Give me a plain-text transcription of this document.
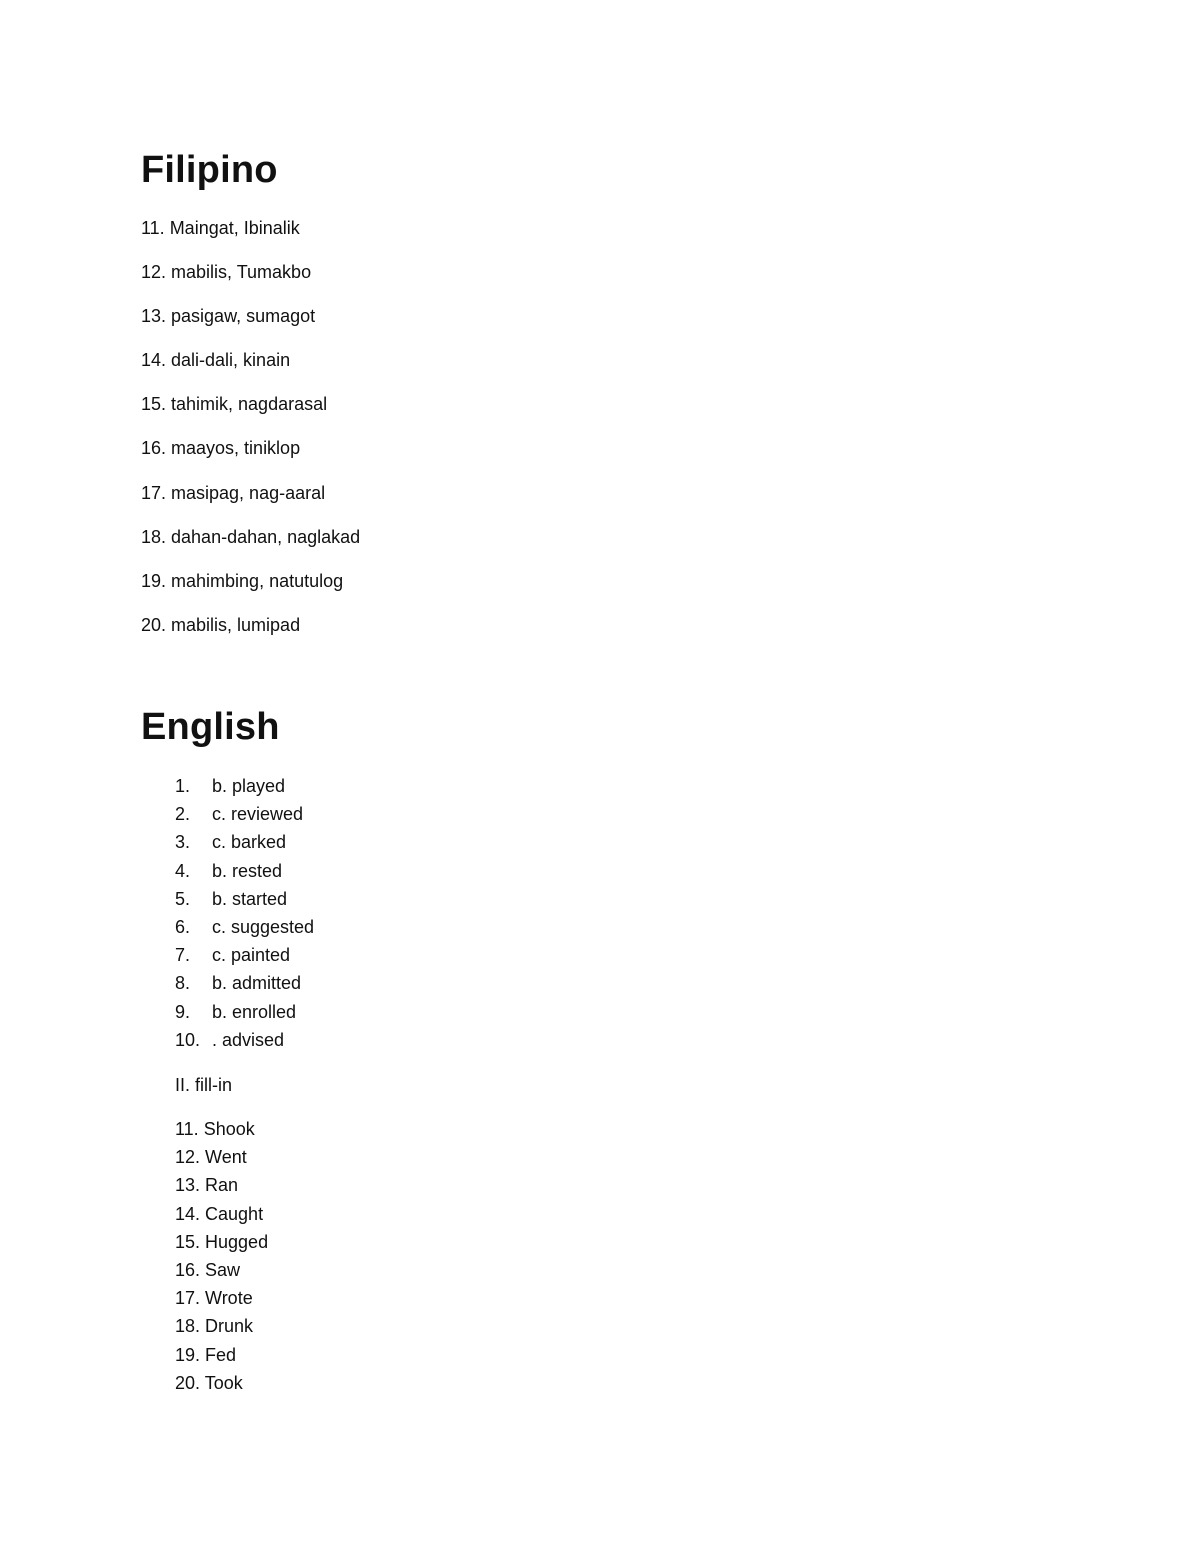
Filipino
11. Maingat, Ibinalik
12. mabilis, Tumakbo
13. pasigaw, sumagot
14. dali-dali, kinain
15. tahimik, nagdarasal
16. maayos, tiniklop
17. masipag, nag-aaral
18. dahan-dahan, naglakad
19. mahimbing, natutulog
20. mabilis, lumipad
English
1. b. played
2. c. reviewed
3. c. barked
4. b. rested
5. b. started
6. c. suggested
7. c. painted
8. b. admitted
9. b. enrolled
10. . advised

II. fill-in

11. Shook
12. Went
13. Ran
14. Caught
15. Hugged
16. Saw
17. Wrote
18. Drunk
19. Fed
20. Took
